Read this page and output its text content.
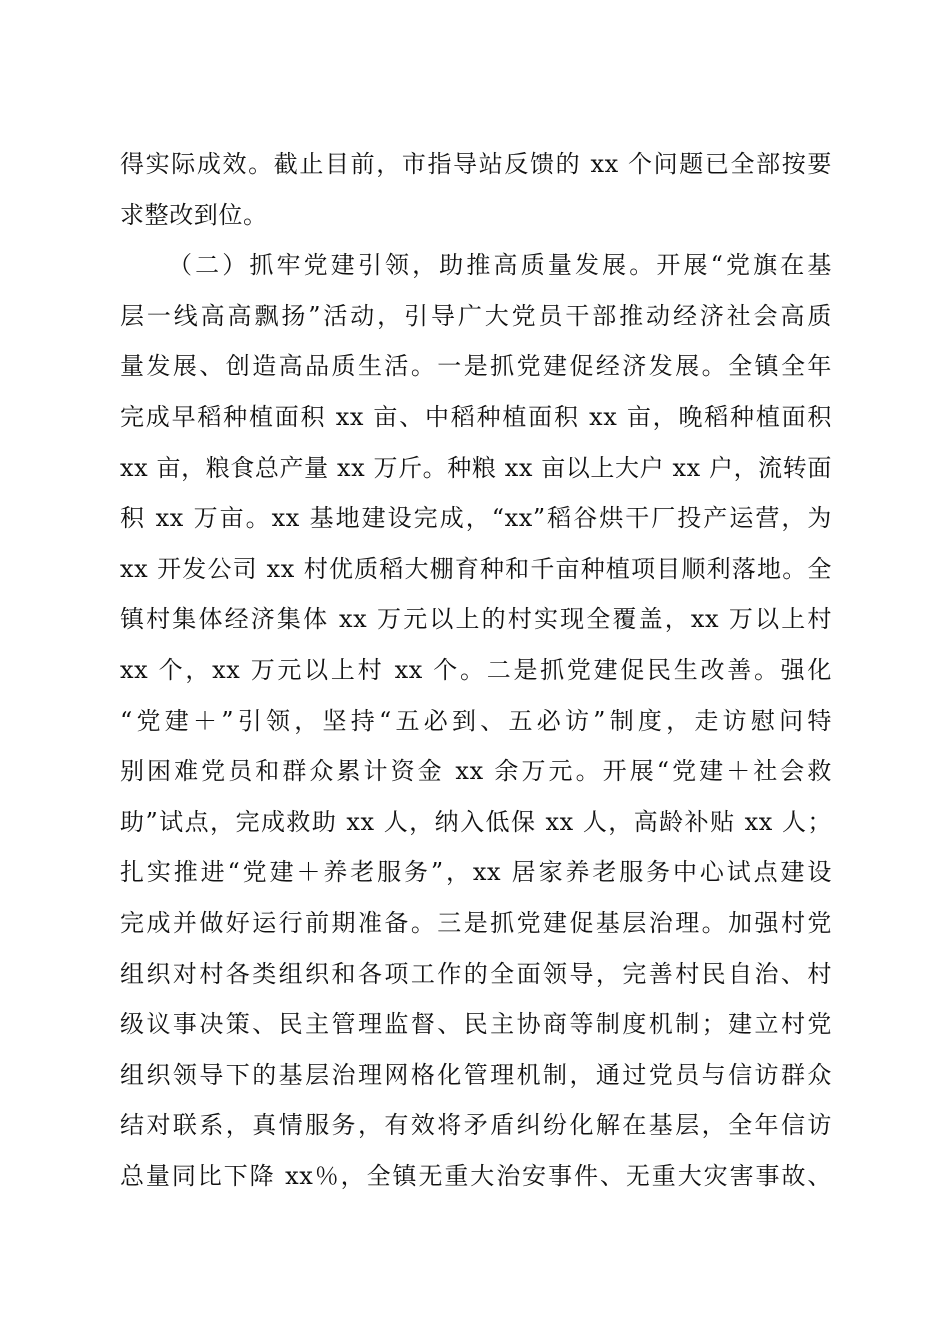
得实际成效。截止目前，市指导站反馈的 xx 个问题已全部按要
求整改到位。
（二）抓牢党建引领，助推高质量发展。开展“党旗在基
层一线高高飘扬”活动，引导广大党员干部推动经济社会高质
量发展、创造高品质生活。一是抓党建促经济发展。全镇全年
完成早稻种植面积 xx 亩、中稻种植面积 xx 亩，晚稻种植面积
xx 亩，粮食总产量 xx 万斤。种粮 xx 亩以上大户 xx 户，流转面
积 xx 万亩。xx 基地建设完成，“xx”稻谷烘干厂投产运营，为
xx 开发公司 xx 村优质稻大棚育种和千亩种植项目顺利落地。全
镇村集体经济集体 xx 万元以上的村实现全覆盖，xx 万以上村
xx 个，xx 万元以上村 xx 个。二是抓党建促民生改善。强化
“党建＋”引领，坚持“五必到、五必访”制度，走访慰问特
别困难党员和群众累计资金 xx 余万元。开展“党建＋社会救
助”试点，完成救助 xx 人，纳入低保 xx 人，高龄补贴 xx 人；
扎实推进“党建＋养老服务”，xx 居家养老服务中心试点建设
完成并做好运行前期准备。三是抓党建促基层治理。加强村党
组织对村各类组织和各项工作的全面领导，完善村民自治、村
级议事决策、民主管理监督、民主协商等制度机制；建立村党
组织领导下的基层治理网格化管理机制，通过党员与信访群众
结对联系，真情服务，有效将矛盾纠纷化解在基层，全年信访
总量同比下降 xx％，全镇无重大治安事件、无重大灾害事故、
